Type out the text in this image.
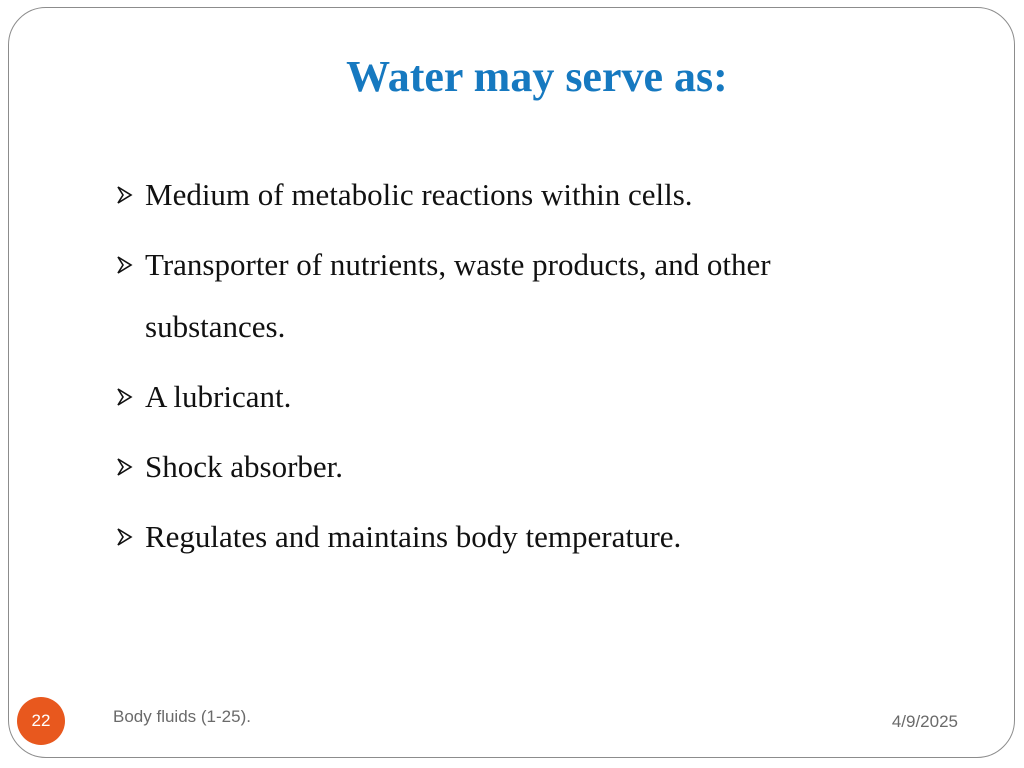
Water may serve as:
Medium of metabolic reactions within cells.
Transporter of nutrients, waste products, and other substances.
A lubricant.
Shock absorber.
Regulates and maintains body temperature.
22	Body fluids (1-25).	4/9/2025
